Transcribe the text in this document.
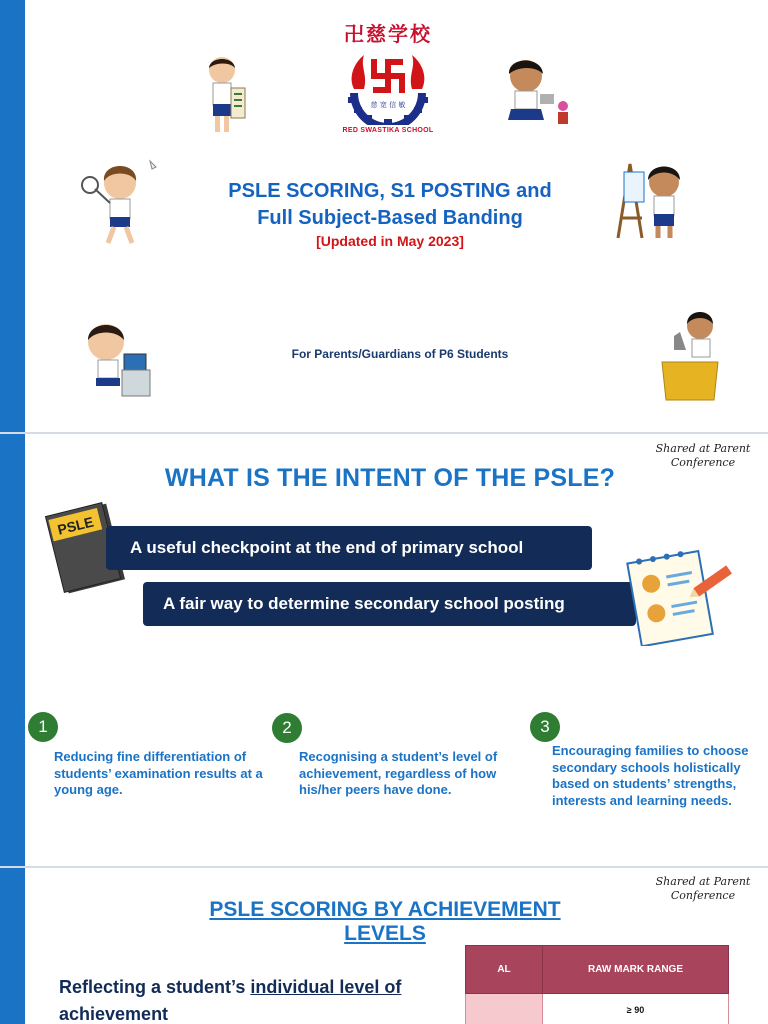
卍慈学校
慈 宽 信 敏
RED SWASTIKA SCHOOL
PSLE SCORING, S1 POSTING and
Full Subject-Based Banding
[Updated in May 2023]
For Parents/Guardians of P6 Students
Shared at Parent
Conference
WHAT IS THE INTENT OF THE PSLE?
PSLE
A useful checkpoint at the end of primary school
A fair way to determine secondary school posting
1
Reducing fine differentiation of students’ examination results at a young age.
2
Recognising a student’s level of achievement, regardless of how his/her peers have done.
3
Encouraging families to choose secondary schools holistically based on students’ strengths, interests and learning needs.
Shared at Parent
Conference
PSLE SCORING BY ACHIEVEMENT LEVELS
Reflecting a student’s individual level of
achievement
AL	RAW MARK RANGE
	≥ 90
